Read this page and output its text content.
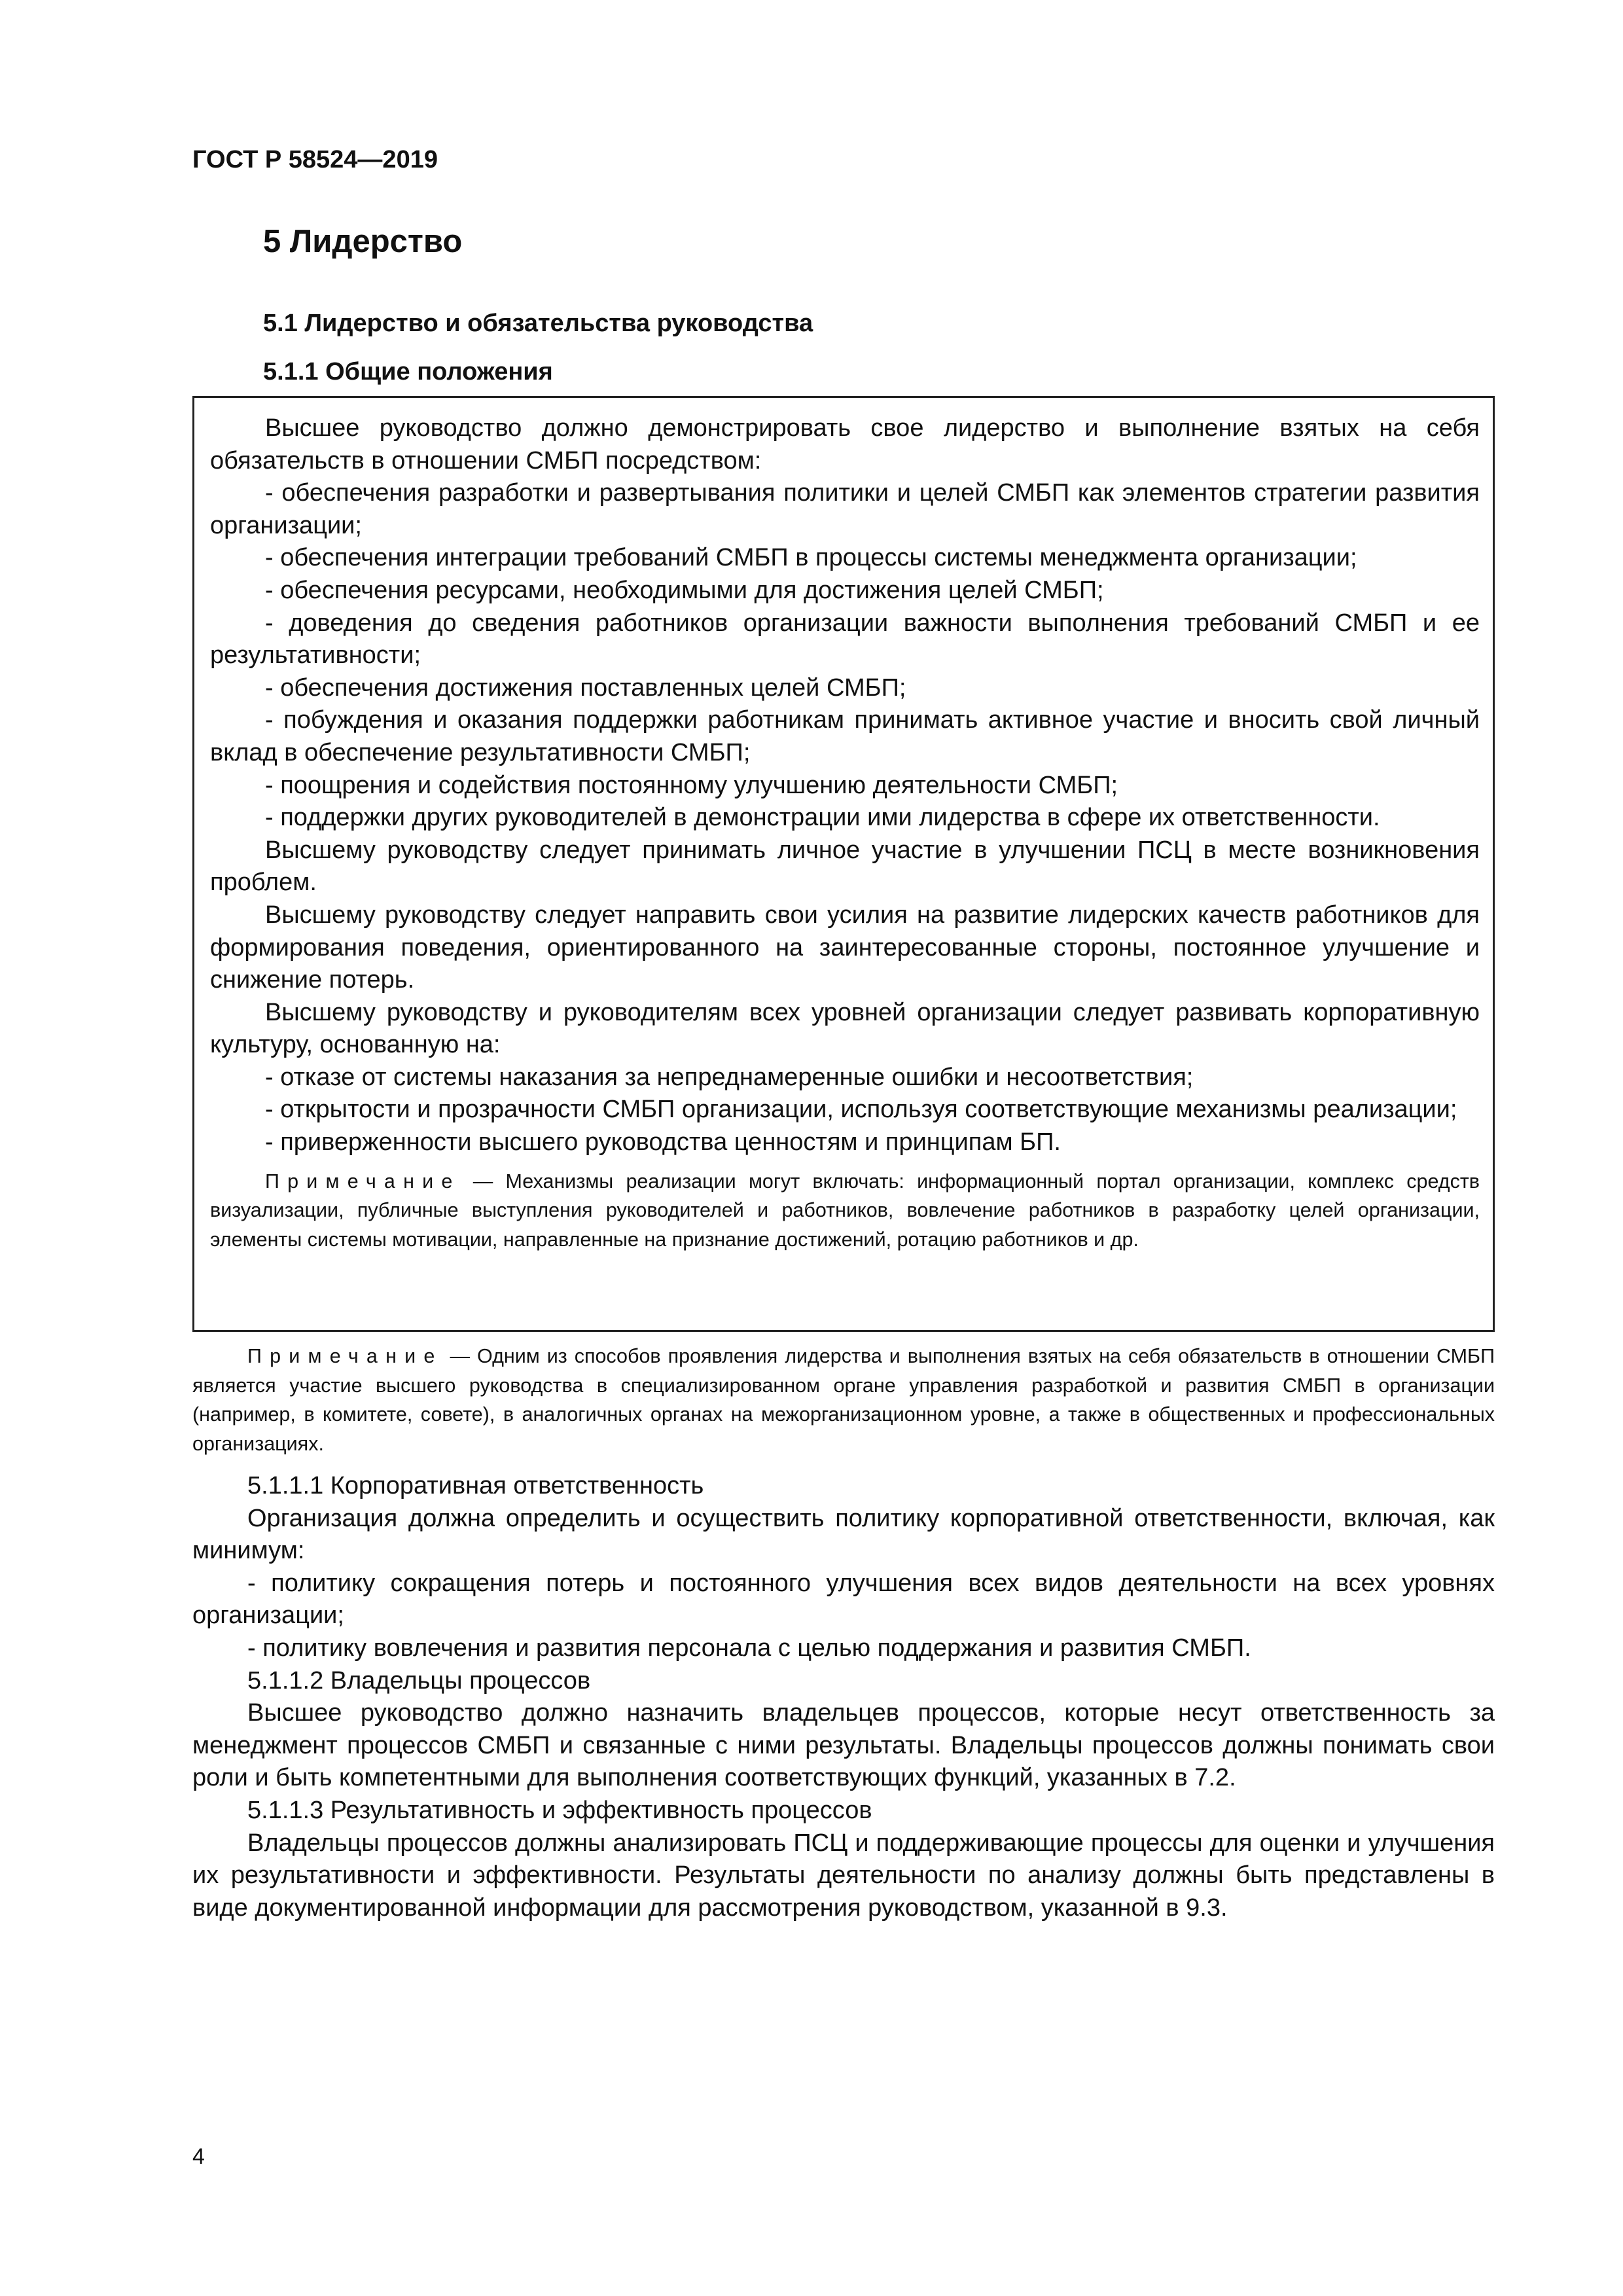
ГОСТ Р 58524—2019
5 Лидерство
5.1 Лидерство и обязательства руководства
5.1.1 Общие положения

Высшее руководство должно демонстрировать свое лидерство и выполнение взятых на себя обязательств в отношении СМБП посредством:

- обеспечения разработки и развертывания политики и целей СМБП как элементов стратегии развития организации;

- обеспечения интеграции требований СМБП в процессы системы менеджмента организации;

- обеспечения ресурсами, необходимыми для достижения целей СМБП;

- доведения до сведения работников организации важности выполнения требований СМБП и ее результативности;

- обеспечения достижения поставленных целей СМБП;

- побуждения и оказания поддержки работникам принимать активное участие и вносить свой личный вклад в обеспечение результативности СМБП;

- поощрения и содействия постоянному улучшению деятельности СМБП;

- поддержки других руководителей в демонстрации ими лидерства в сфере их ответственности.

Высшему руководству следует принимать личное участие в улучшении ПСЦ в месте возникновения проблем.

Высшему руководству следует направить свои усилия на развитие лидерских качеств работников для формирования поведения, ориентированного на заинтересованные стороны, постоянное улучшение и снижение потерь.

Высшему руководству и руководителям всех уровней организации следует развивать корпоративную культуру, основанную на:

- отказе от системы наказания за непреднамеренные ошибки и несоответствия;

- открытости и прозрачности СМБП организации, используя соответствующие механизмы реализации;

- приверженности высшего руководства ценностям и принципам БП.

Примечание — Механизмы реализации могут включать: информационный портал организации, комплекс средств визуализации, публичные выступления руководителей и работников, вовлечение работников в разработку целей организации, элементы системы мотивации, направленные на признание достижений, ротацию работников и др.

Примечание — Одним из способов проявления лидерства и выполнения взятых на себя обязательств в отношении СМБП является участие высшего руководства в специализированном органе управления разработкой и развития СМБП в организации (например, в комитете, совете), в аналогичных органах на межорганизационном уровне, а также в общественных и профессиональных организациях.

5.1.1.1 Корпоративная ответственность

Организация должна определить и осуществить политику корпоративной ответственности, включая, как минимум:

- политику сокращения потерь и постоянного улучшения всех видов деятельности на всех уровнях организации;

- политику вовлечения и развития персонала с целью поддержания и развития СМБП.

5.1.1.2 Владельцы процессов

Высшее руководство должно назначить владельцев процессов, которые несут ответственность за менеджмент процессов СМБП и связанные с ними результаты. Владельцы процессов должны понимать свои роли и быть компетентными для выполнения соответствующих функций, указанных в 7.2.

5.1.1.3 Результативность и эффективность процессов

Владельцы процессов должны анализировать ПСЦ и поддерживающие процессы для оценки и улучшения их результативности и эффективности. Результаты деятельности по анализу должны быть представлены в виде документированной информации для рассмотрения руководством, указанной в 9.3.

4
